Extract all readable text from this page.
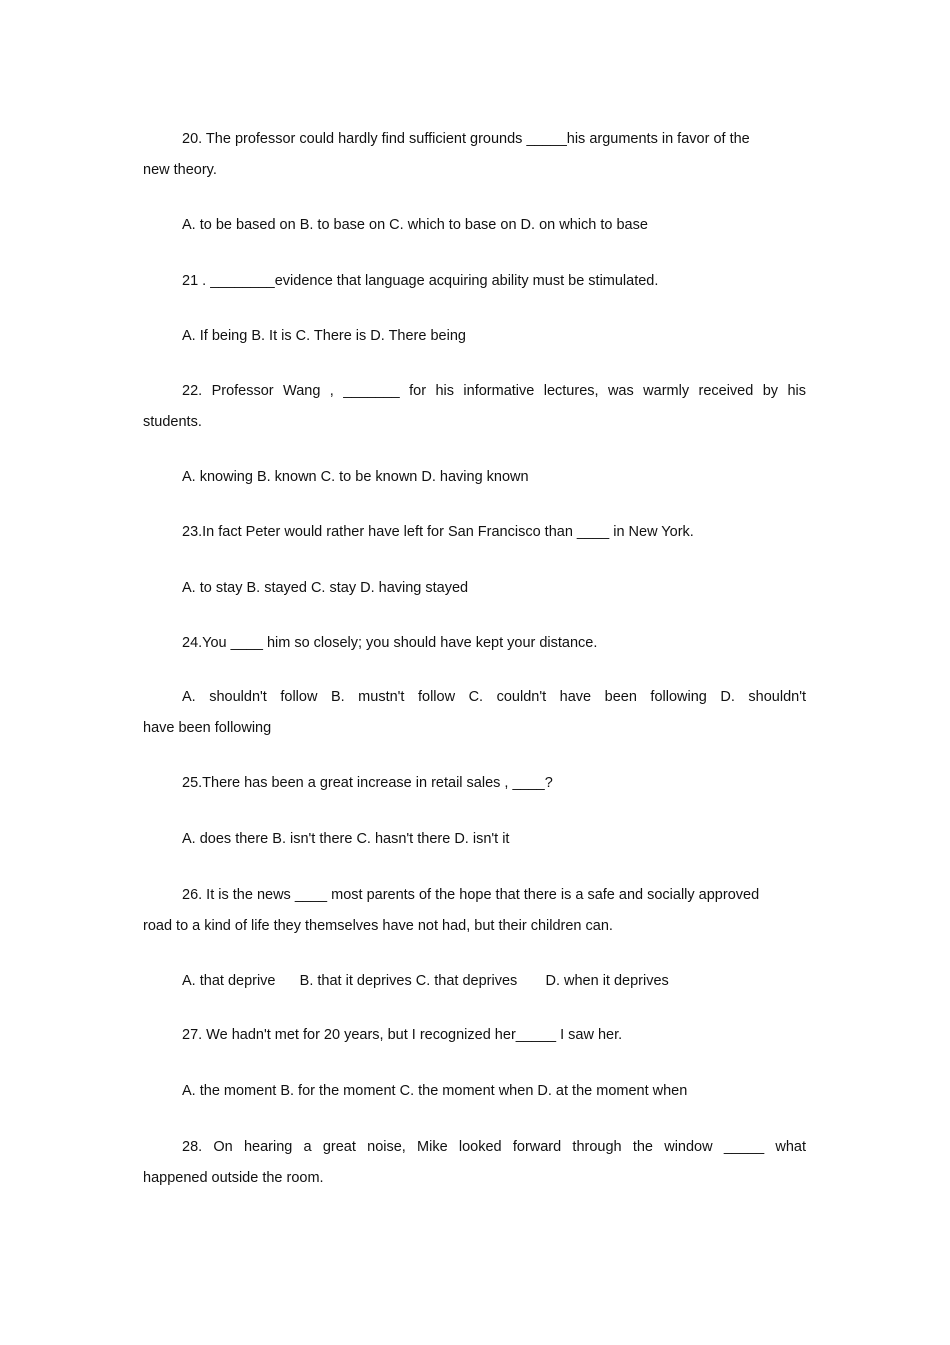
20. The professor could hardly find sufficient grounds _____his arguments in favor of the

new theory.

A. to be based on B. to base on C. which to base on D. on which to base

21 . ________evidence that language acquiring ability must be stimulated.

A. If being B. It is C. There is D. There being

22. Professor Wang , _______ for his informative lectures, was warmly received by his

students.

A. knowing B. known C. to be known D. having known

23.In fact Peter would rather have left for San Francisco than ____ in New York.

A. to stay B. stayed C. stay D. having stayed

24.You ____ him so closely; you should have kept your distance.

A. shouldn't follow B. mustn't follow C. couldn't have been following D. shouldn't

have been following

25.There has been a great increase in retail sales , ____?

A. does there B. isn't there C. hasn't there D. isn't it

26. It is the news ____ most parents of the hope that there is a safe and socially approved

road to a kind of life they themselves have not had, but their children can.

A. that deprive      B. that it deprives C. that deprives       D. when it deprives

27. We hadn't met for 20 years, but I recognized her_____ I saw her.

A. the moment B. for the moment C. the moment when D. at the moment when

28. On hearing a great noise, Mike looked forward through the window _____ what

happened outside the room.
